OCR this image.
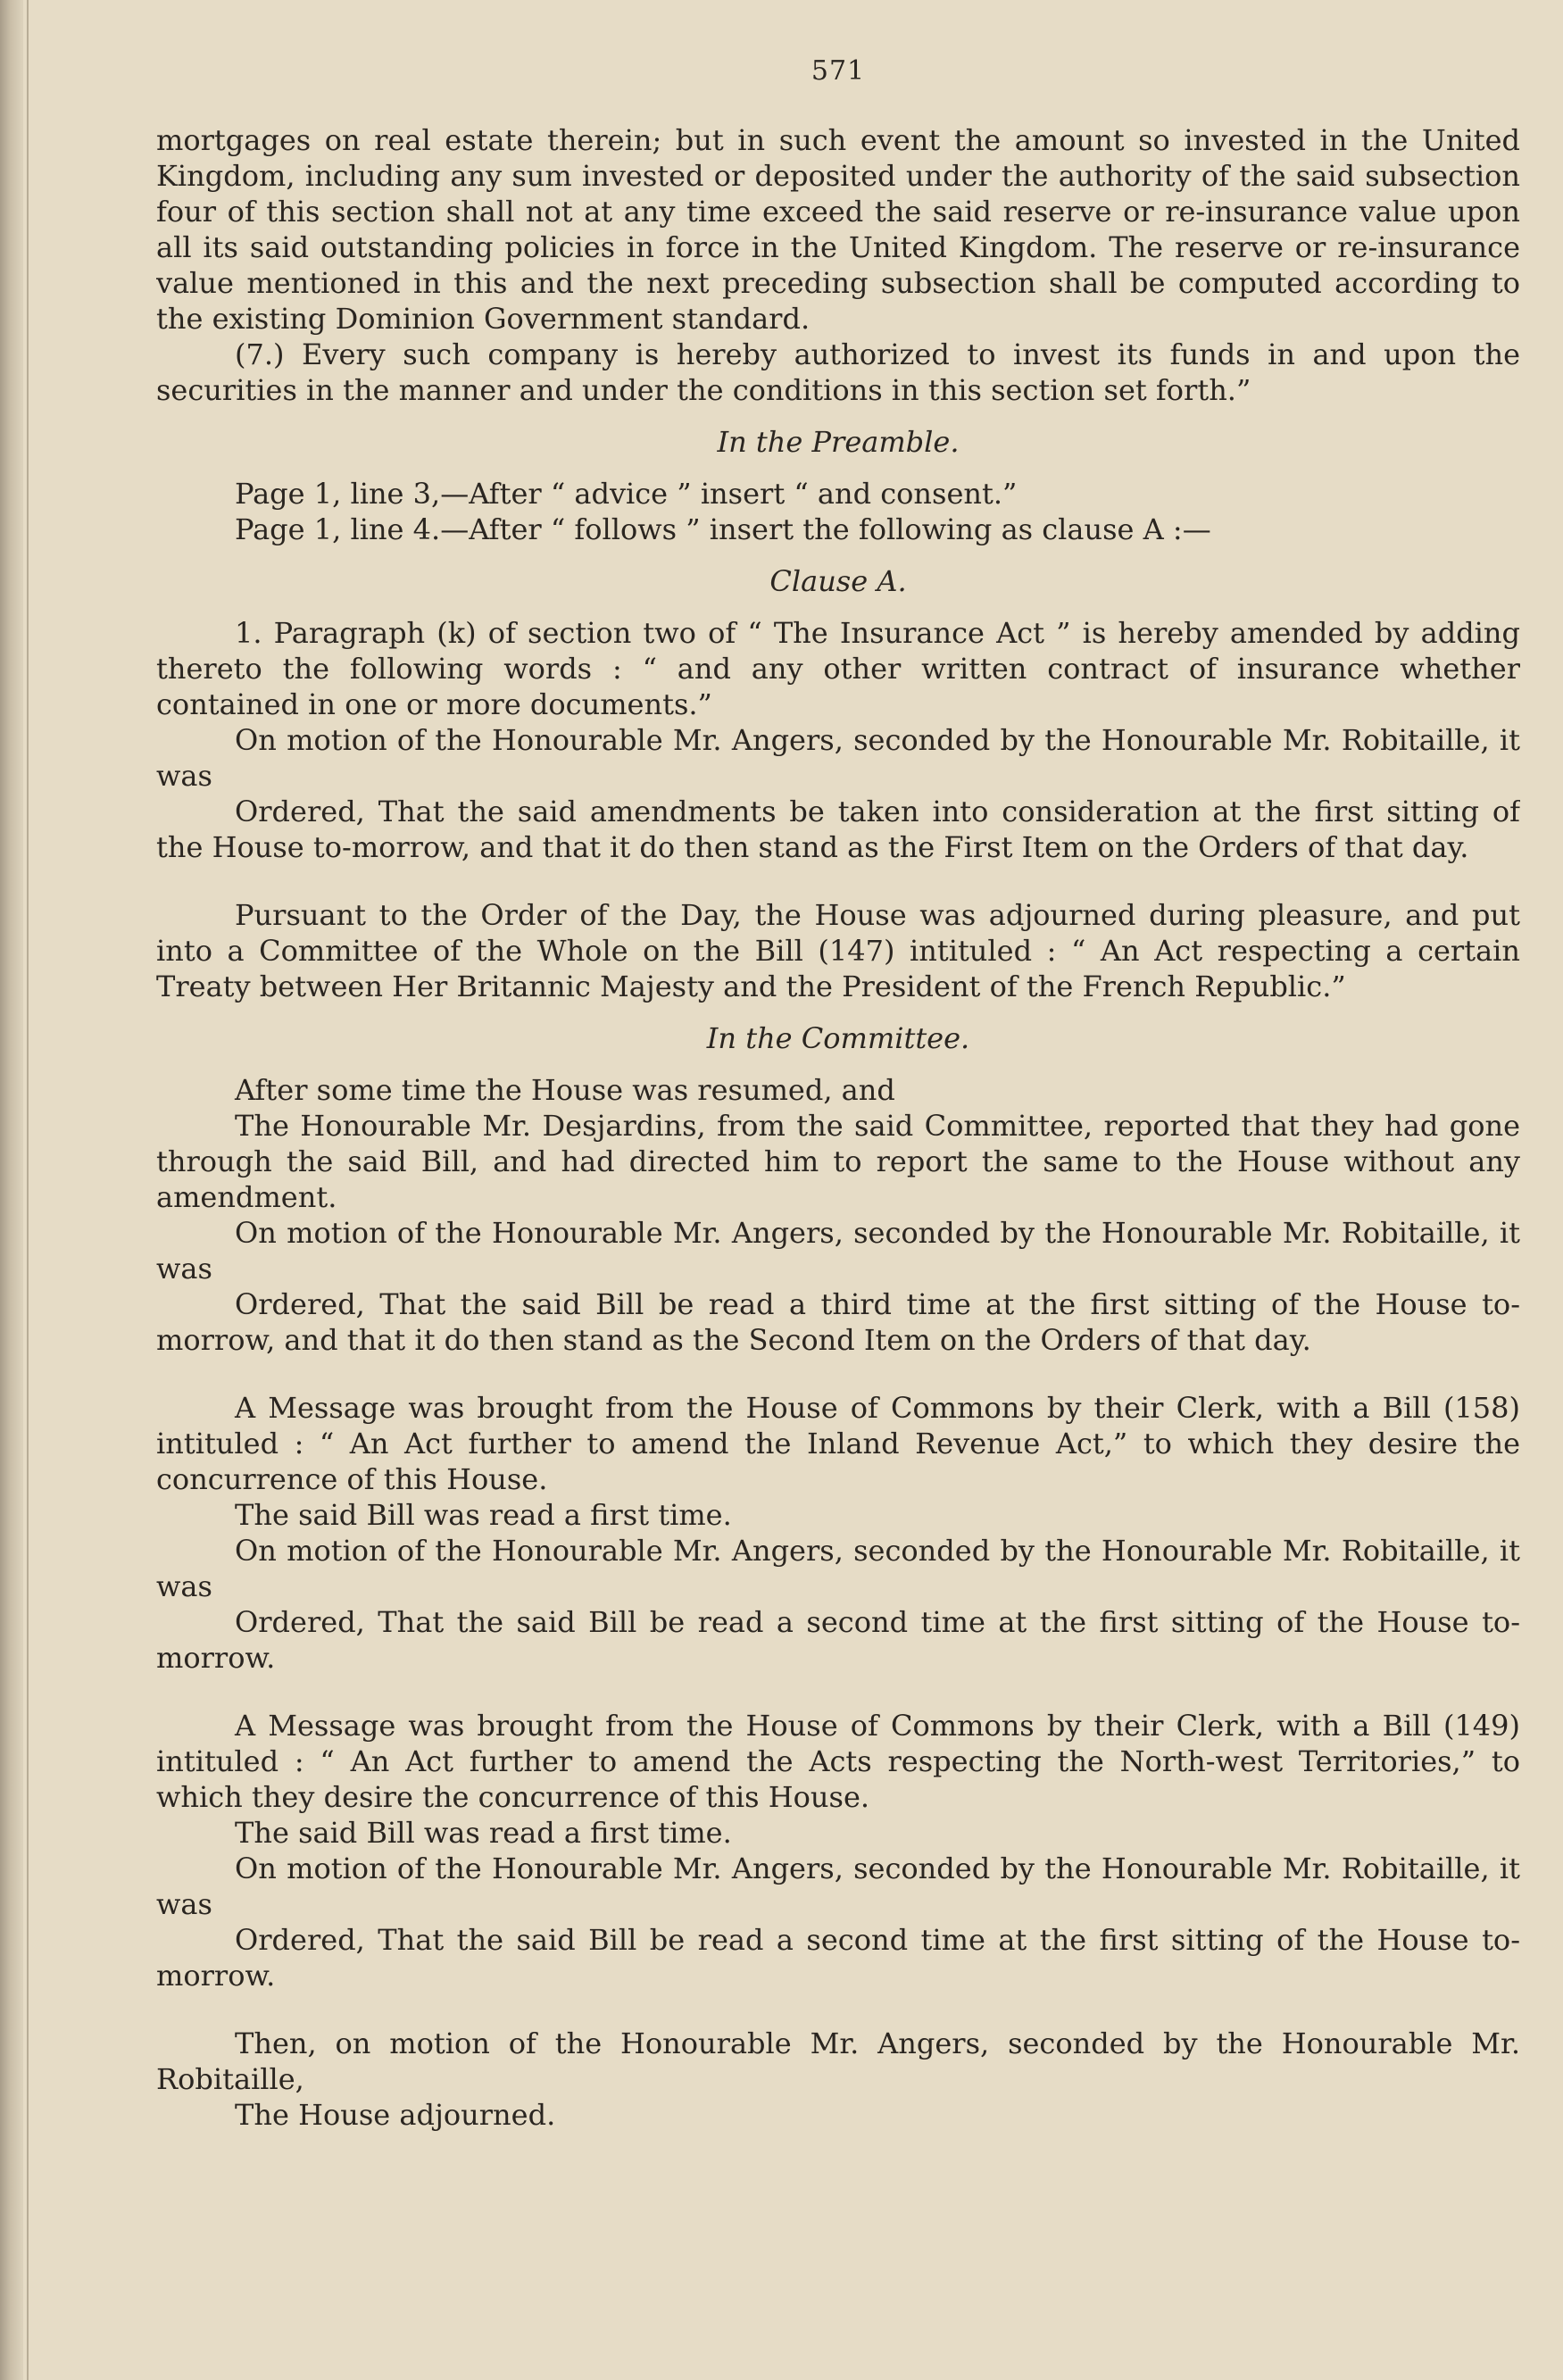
571

mortgages on real estate therein; but in such event the amount so invested in the United Kingdom, including any sum invested or deposited under the authority of the said subsection four of this section shall not at any time exceed the said reserve or re-insurance value upon all its said outstanding policies in force in the United Kingdom. The reserve or re-insurance value mentioned in this and the next preceding subsection shall be computed according to the existing Dominion Government standard.

(7.) Every such company is hereby authorized to invest its funds in and upon the securities in the manner and under the conditions in this section set forth.”

In the Preamble.

Page 1, line 3,—After “ advice ” insert “ and consent.”

Page 1, line 4.—After “ follows ” insert the following as clause A :—

Clause A.

1. Paragraph (k) of section two of “ The Insurance Act ” is hereby amended by adding thereto the following words : “ and any other written contract of insurance whether contained in one or more documents.”

On motion of the Honourable Mr. Angers, seconded by the Honourable Mr. Robitaille, it was

Ordered, That the said amendments be taken into consideration at the first sitting of the House to-morrow, and that it do then stand as the First Item on the Orders of that day.

Pursuant to the Order of the Day, the House was adjourned during pleasure, and put into a Committee of the Whole on the Bill (147) intituled : “ An Act respecting a certain Treaty between Her Britannic Majesty and the President of the French Republic.”

In the Committee.

After some time the House was resumed, and

The Honourable Mr. Desjardins, from the said Committee, reported that they had gone through the said Bill, and had directed him to report the same to the House without any amendment.

On motion of the Honourable Mr. Angers, seconded by the Honourable Mr. Robitaille, it was

Ordered, That the said Bill be read a third time at the first sitting of the House to-morrow, and that it do then stand as the Second Item on the Orders of that day.

A Message was brought from the House of Commons by their Clerk, with a Bill (158) intituled : “ An Act further to amend the Inland Revenue Act,” to which they desire the concurrence of this House.

The said Bill was read a first time.

On motion of the Honourable Mr. Angers, seconded by the Honourable Mr. Robitaille, it was

Ordered, That the said Bill be read a second time at the first sitting of the House to-morrow.

A Message was brought from the House of Commons by their Clerk, with a Bill (149) intituled : “ An Act further to amend the Acts respecting the North-west Territories,” to which they desire the concurrence of this House.

The said Bill was read a first time.

On motion of the Honourable Mr. Angers, seconded by the Honourable Mr. Robitaille, it was

Ordered, That the said Bill be read a second time at the first sitting of the House to-morrow.

Then, on motion of the Honourable Mr. Angers, seconded by the Honourable Mr. Robitaille,

The House adjourned.
